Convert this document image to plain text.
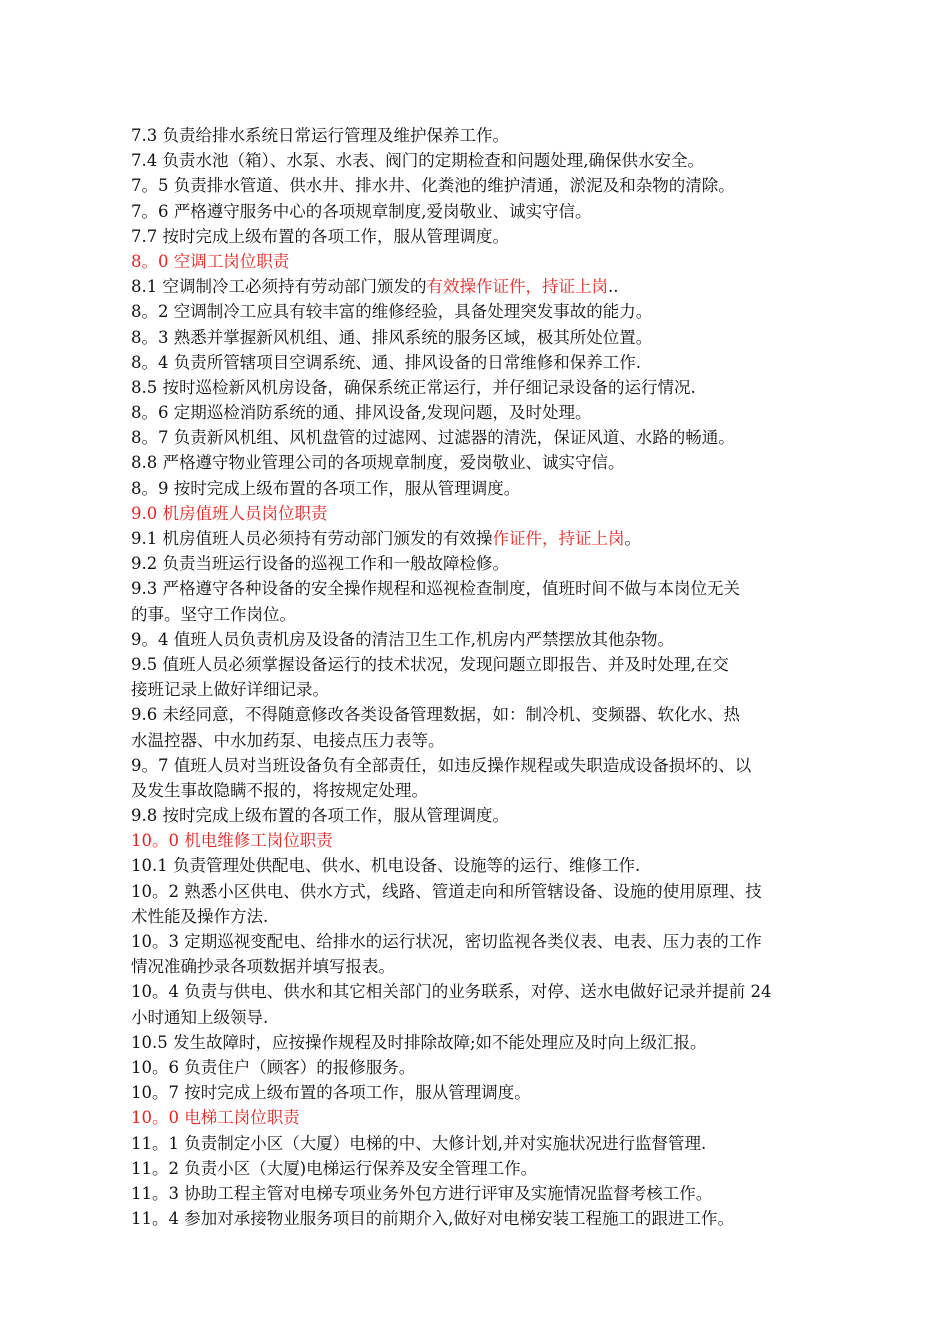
7.3 负责给排水系统日常运行管理及维护保养工作。
7.4 负责水池（箱）、水泵、水表、阀门的定期检查和问题处理,确保供水安全。
7。5 负责排水管道、供水井、排水井、化粪池的维护清通，淤泥及和杂物的清除。
7。6 严格遵守服务中心的各项规章制度,爱岗敬业、诚实守信。
7.7 按时完成上级布置的各项工作，服从管理调度。
8。0 空调工岗位职责
8.1 空调制冷工必须持有劳动部门颁发的有效操作证件，持证上岗..
8。2 空调制冷工应具有较丰富的维修经验，具备处理突发事故的能力。
8。3 熟悉并掌握新风机组、通、排风系统的服务区域，极其所处位置。
8。4 负责所管辖项目空调系统、通、排风设备的日常维修和保养工作.
8.5 按时巡检新风机房设备，确保系统正常运行，并仔细记录设备的运行情况.
8。6 定期巡检消防系统的通、排风设备,发现问题，及时处理。
8。7 负责新风机组、风机盘管的过滤网、过滤器的清洗，保证风道、水路的畅通。
8.8 严格遵守物业管理公司的各项规章制度，爱岗敬业、诚实守信。
8。9 按时完成上级布置的各项工作，服从管理调度。
9.0 机房值班人员岗位职责
9.1 机房值班人员必须持有劳动部门颁发的有效操作证件，持证上岗。
9.2 负责当班运行设备的巡视工作和一般故障检修。
9.3 严格遵守各种设备的安全操作规程和巡视检查制度，值班时间不做与本岗位无关
的事。坚守工作岗位。
9。4 值班人员负责机房及设备的清洁卫生工作,机房内严禁摆放其他杂物。
9.5 值班人员必须掌握设备运行的技术状况，发现问题立即报告、并及时处理,在交
接班记录上做好详细记录。
9.6 未经同意，不得随意修改各类设备管理数据，如：制冷机、变频器、软化水、热
水温控器、中水加药泵、电接点压力表等。
9。7 值班人员对当班设备负有全部责任，如违反操作规程或失职造成设备损坏的、以
及发生事故隐瞒不报的，将按规定处理。
9.8 按时完成上级布置的各项工作，服从管理调度。
10。0 机电维修工岗位职责
10.1 负责管理处供配电、供水、机电设备、设施等的运行、维修工作.
10。2 熟悉小区供电、供水方式，线路、管道走向和所管辖设备、设施的使用原理、技
术性能及操作方法.
10。3 定期巡视变配电、给排水的运行状况，密切监视各类仪表、电表、压力表的工作
情况准确抄录各项数据并填写报表。
10。4 负责与供电、供水和其它相关部门的业务联系，对停、送水电做好记录并提前 24
小时通知上级领导.
10.5 发生故障时，应按操作规程及时排除故障;如不能处理应及时向上级汇报。
10。6 负责住户（顾客）的报修服务。
10。7 按时完成上级布置的各项工作，服从管理调度。
10。0 电梯工岗位职责
11。1 负责制定小区（大厦）电梯的中、大修计划,并对实施状况进行监督管理.
11。2 负责小区（大厦)电梯运行保养及安全管理工作。
11。3 协助工程主管对电梯专项业务外包方进行评审及实施情况监督考核工作。
11。4 参加对承接物业服务项目的前期介入,做好对电梯安装工程施工的跟进工作。
